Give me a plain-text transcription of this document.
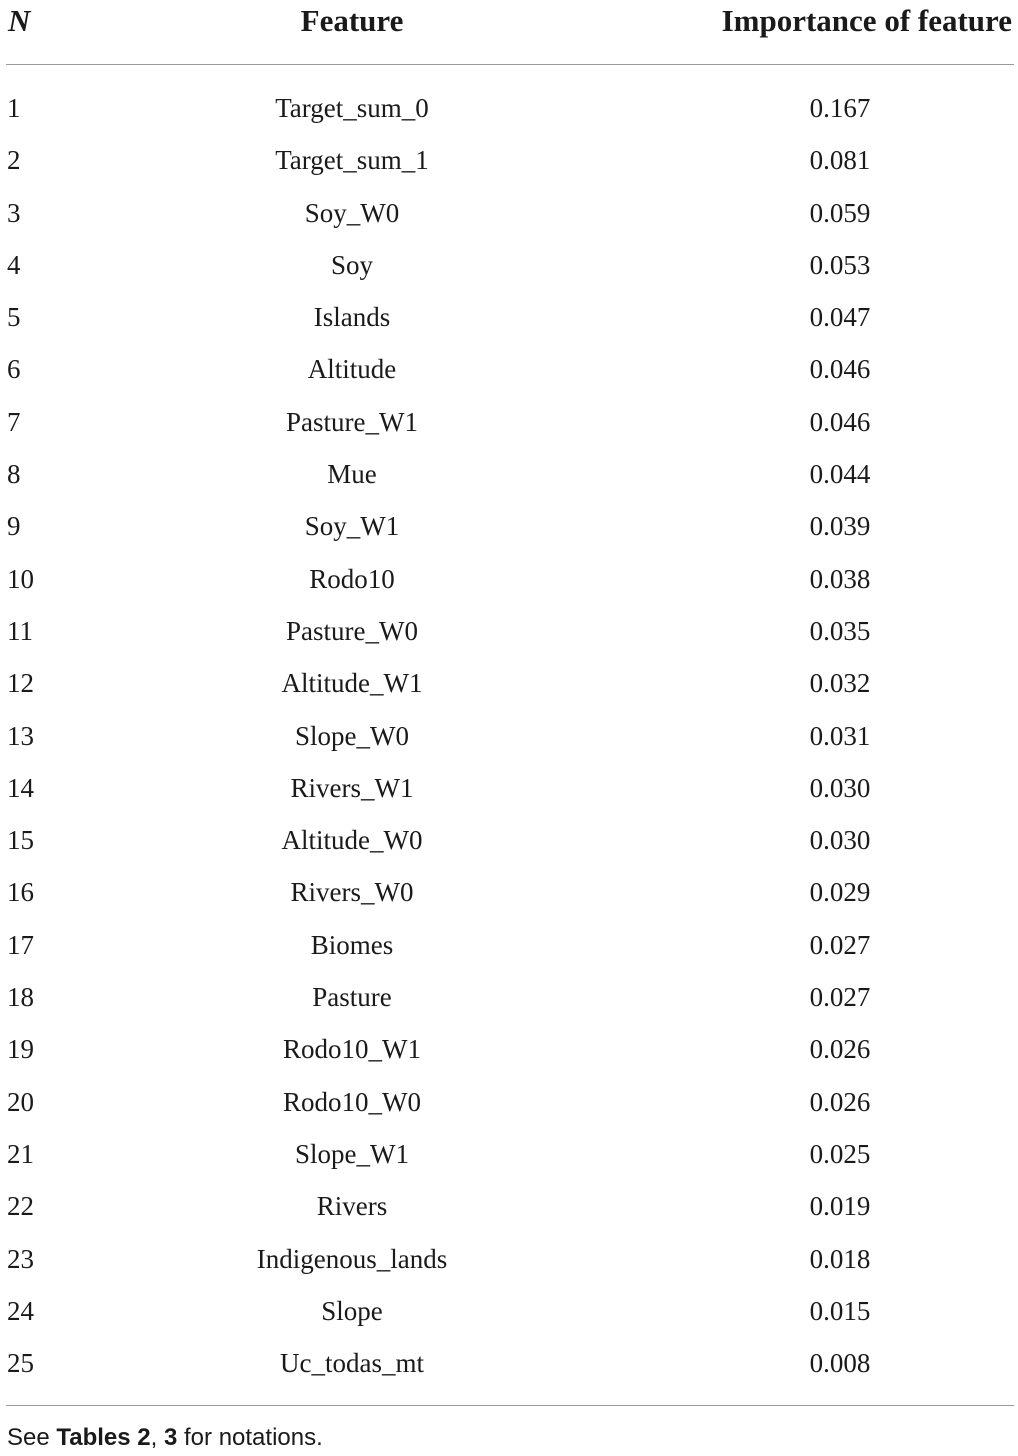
N	Feature	Importance of feature
1	Target_sum_0	0.167
2	Target_sum_1	0.081
3	Soy_W0	0.059
4	Soy	0.053
5	Islands	0.047
6	Altitude	0.046
7	Pasture_W1	0.046
8	Mue	0.044
9	Soy_W1	0.039
10	Rodo10	0.038
11	Pasture_W0	0.035
12	Altitude_W1	0.032
13	Slope_W0	0.031
14	Rivers_W1	0.030
15	Altitude_W0	0.030
16	Rivers_W0	0.029
17	Biomes	0.027
18	Pasture	0.027
19	Rodo10_W1	0.026
20	Rodo10_W0	0.026
21	Slope_W1	0.025
22	Rivers	0.019
23	Indigenous_lands	0.018
24	Slope	0.015
25	Uc_todas_mt	0.008
See Tables 2, 3 for notations.
